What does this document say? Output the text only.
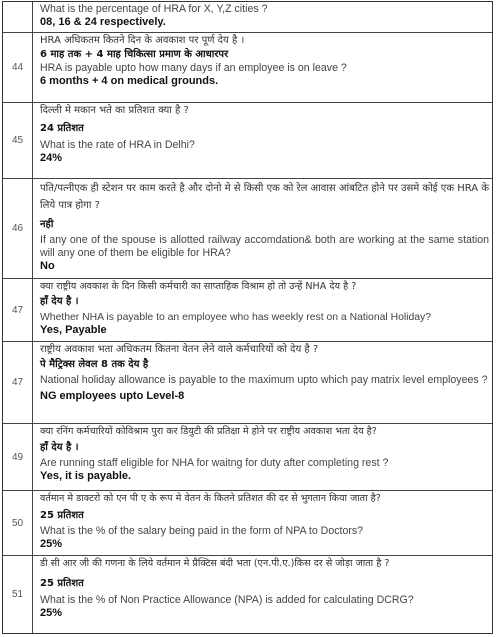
What is the percentage of HRA for X, Y,Z cities ?
08, 16 & 24 respectively.
44
HRA अधिकतम कितने दिन के अवकाश पर पूर्ण देय है ।
6 माह तक + 4 माह चिकित्सा प्रमाण के आधारपर
HRA is payable upto how many days if an employee is on leave ?
6 months + 4 on medical grounds.
45
दिल्ली मे मकान भते का प्रतिशत क्या है ?
24 प्रतिशत
What is the rate of HRA in Delhi?
24%
46
पति/पत्नीएक ही स्टेशन पर काम करते है और दोनो मे से किसी एक को रेल आवास आंबटित होने पर उसमे कोई एक HRA के लिये पात्र होगा ?
नही
If any one of the spouse is allotted railway accomdation& both are working at the same station will any one of them be eligible for HRA?
No
47
क्या राष्ट्रीय अवकाश के दिन किसी कर्मचारी का साप्ताहिक विश्राम हो तो उन्हें NHA देय है ?
हाँ देय है ।
Whether NHA is payable to an employee who has weekly rest on a National Holiday?
Yes, Payable
47
राष्ट्रीय अवकाश भता अधिकतम कितना वेतन लेने वाले कर्मचारियों को देय है ?
पे मैट्रिक्स लेवल 8 तक देय है
National holiday allowance is payable to the maximum upto which pay matrix level employees ?
NG employees upto Level-8
49
क्या रनिंग कर्मचारियों कोविश्राम पुरा कर डियुटी की प्रतिक्षा मे होने पर राष्ट्रीय अवकाश भता देय है?
हाँ देय है ।
Are running staff eligible for NHA for waitng for duty after completing rest ?
Yes, it is payable.
50
वर्तमान मे डाक्टरो को एन पी ए के रूप मे वेतन के कितने प्रतिशत की दर से भुगतान किया जाता है?
25 प्रतिशत
What is the % of the salary being paid in the form of NPA to Doctors?
25%
51
डी सी आर जी की गणना के लिये वर्तमान मे प्रैक्टिस बंदी भता (एन.पी.ए.)किस दर से जोड़ा जाता है ?
25 प्रतिशत
What is the % of Non Practice Allowance (NPA) is added for calculating DCRG?
25%
